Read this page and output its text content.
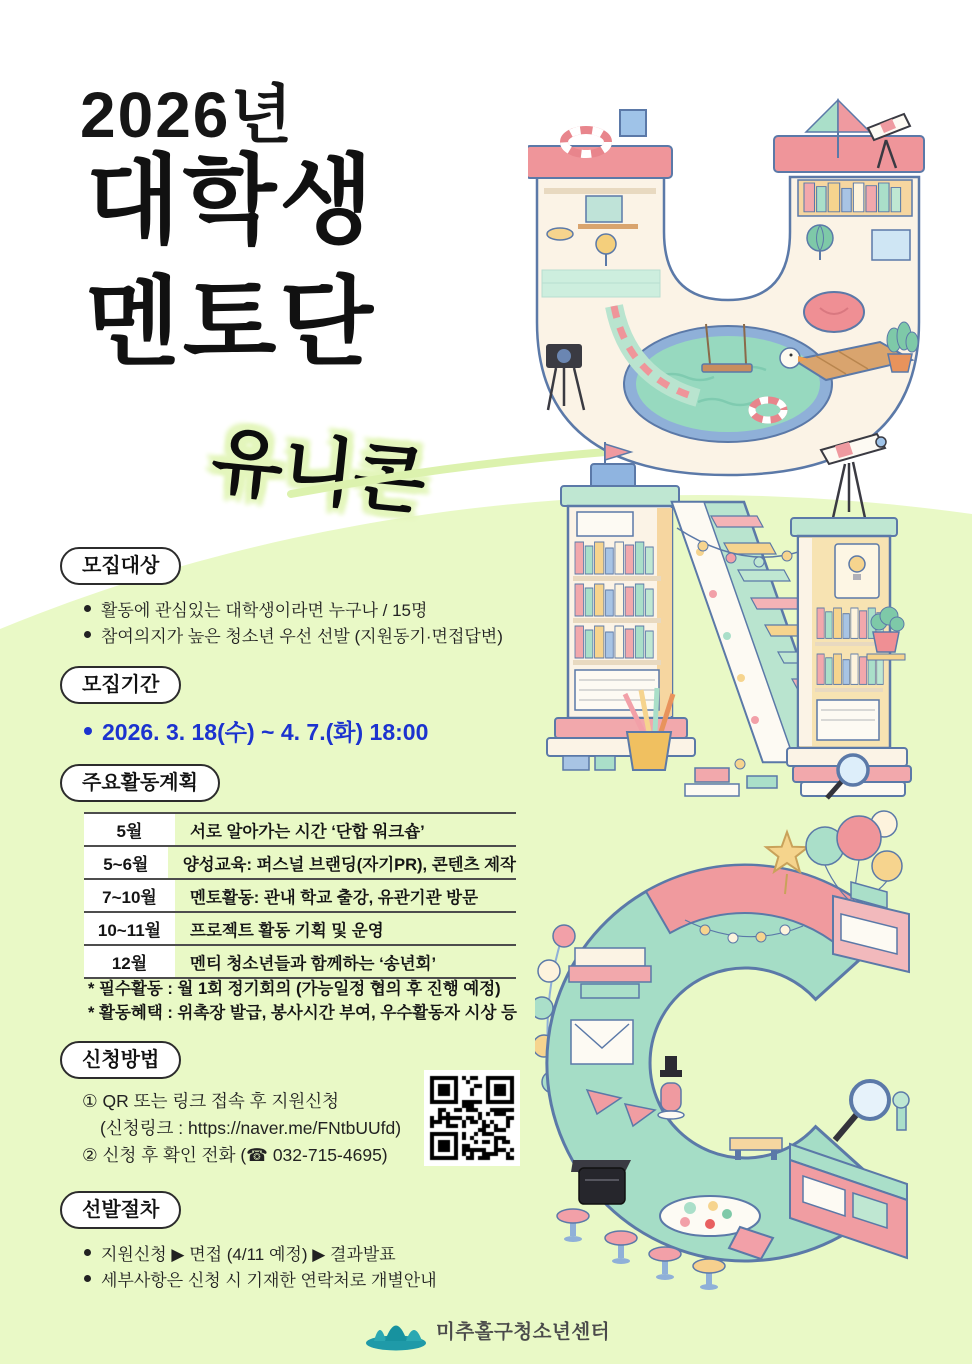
2026년
대학생
멘토단
유니콘
모집대상
활동에 관심있는 대학생이라면 누구나 / 15명
참여의지가 높은 청소년 우선 선발 (지원동기·면접답변)
모집기간
2026. 3. 18(수) ~ 4. 7.(화) 18:00
주요활동계획
5월	서로 알아가는 시간 ‘단합 워크숍’
5~6월	양성교육: 퍼스널 브랜딩(자기PR), 콘텐츠 제작
7~10월	멘토활동: 관내 학교 출강, 유관기관 방문
10~11월	프로젝트 활동 기획 및 운영
12월	멘티 청소년들과 함께하는 ‘송년회’
* 필수활동 : 월 1회 정기회의 (가능일정 협의 후 진행 예정)
* 활동혜택 : 위촉장 발급, 봉사시간 부여, 우수활동자 시상 등
신청방법
① QR 또는 링크 접속 후 지원신청
(신청링크 : https://naver.me/FNtbUUfd)
② 신청 후 확인 전화 (☎ 032-715-4695)
선발절차
지원신청 ▶ 면접 (4/11 예정) ▶ 결과발표
세부사항은 신청 시 기재한 연락처로 개별안내
미추홀구청소년센터
